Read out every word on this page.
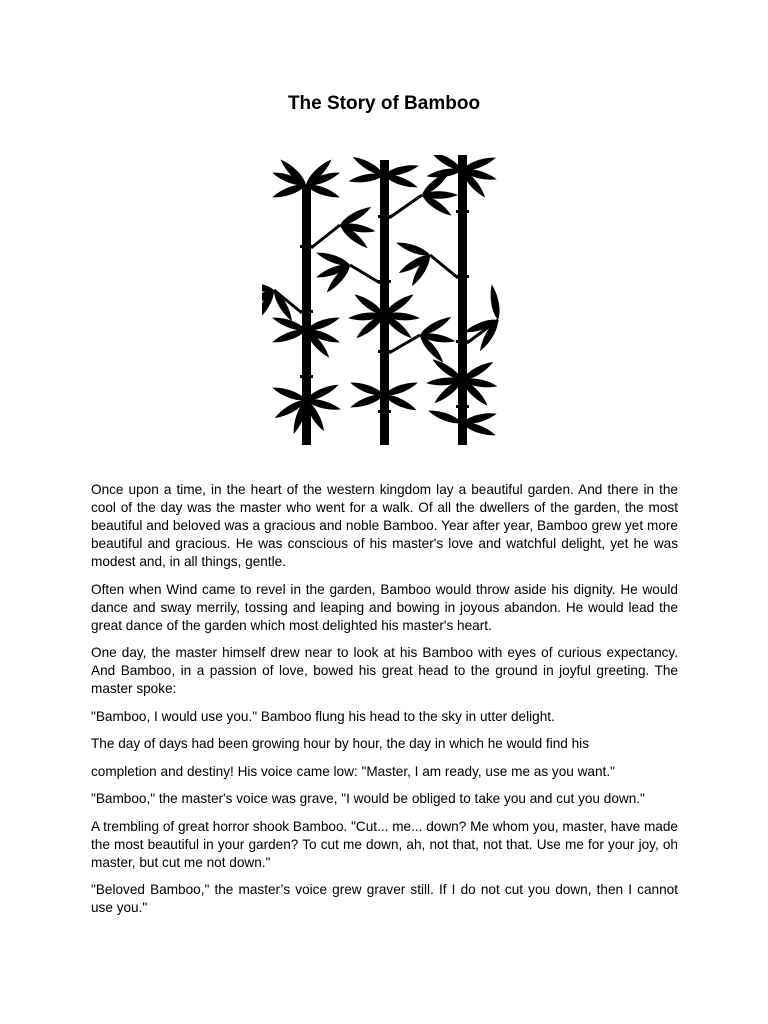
The Story of Bamboo

Once upon a time, in the heart of the western kingdom lay a beautiful garden. And there in the cool of the day was the master who went for a walk. Of all the dwellers of the garden, the most beautiful and beloved was a gracious and noble Bamboo. Year after year, Bamboo grew yet more beautiful and gracious. He was conscious of his master's love and watchful delight, yet he was modest and, in all things, gentle.

Often when Wind came to revel in the garden, Bamboo would throw aside his dignity. He would dance and sway merrily, tossing and leaping and bowing in joyous abandon. He would lead the great dance of the garden which most delighted his master's heart.

One day, the master himself drew near to look at his Bamboo with eyes of curious expectancy. And Bamboo, in a passion of love, bowed his great head to the ground in joyful greeting. The master spoke:

"Bamboo, I would use you." Bamboo flung his head to the sky in utter delight.

The day of days had been growing hour by hour, the day in which he would find his

completion and destiny! His voice came low: "Master, I am ready, use me as you want."

"Bamboo," the master's voice was grave, "I would be obliged to take you and cut you down."

A trembling of great horror shook Bamboo. "Cut... me... down? Me whom you, master, have made the most beautiful in your garden? To cut me down, ah, not that, not that. Use me for your joy, oh master, but cut me not down."

"Beloved Bamboo," the master’s voice grew graver still. If I do not cut you down, then I cannot use you."
